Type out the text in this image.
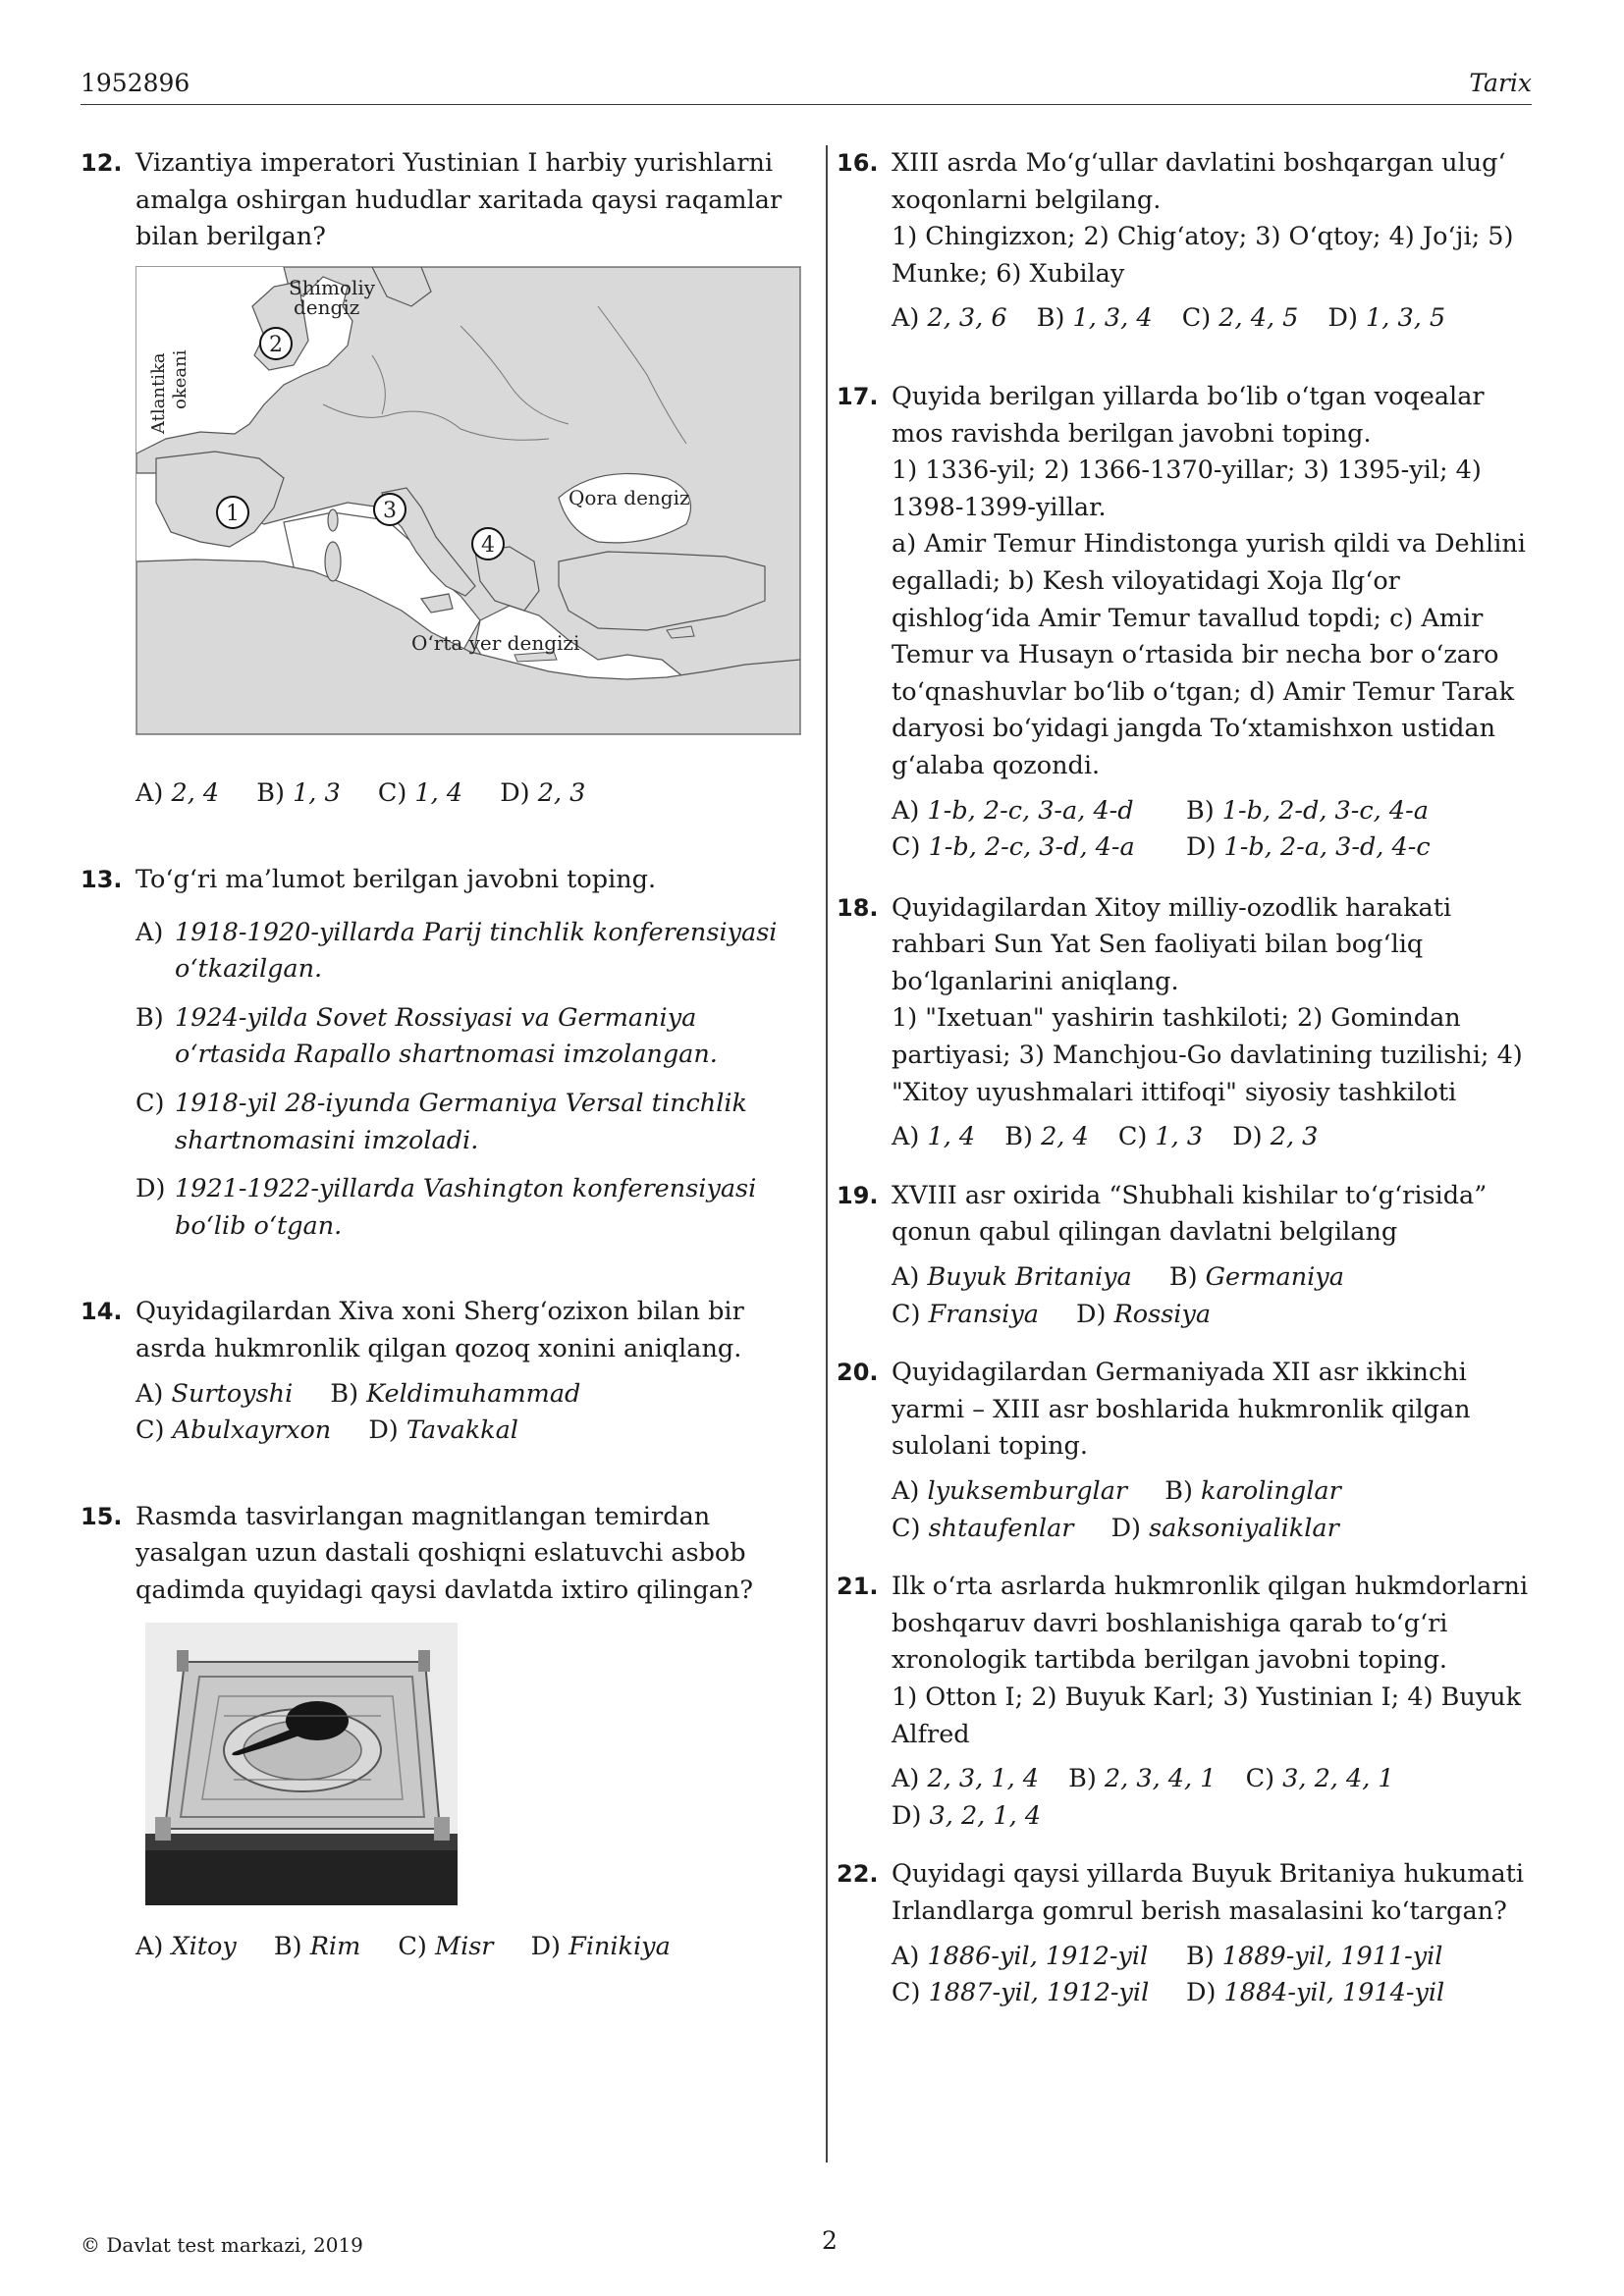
1952896	Tarix
12. Vizantiya imperatori Yustinian I harbiy yurishlarni amalga oshirgan hududlar xaritada qaysi raqamlar bilan berilgan?
Shimoliy
dengiz
Atlantika okeani
Qora dengiz
O‘rta yer dengizi
2
1	3
4
A) 2, 4 B) 1, 3 C) 1, 4 D) 2, 3
13. To‘g‘ri ma’lumot berilgan javobni toping.
A) 1918-1920-yillarda Parij tinchlik konferensiyasi o‘tkazilgan.
B) 1924-yilda Sovet Rossiyasi va Germaniya o‘rtasida Rapallo shartnomasi imzolangan.
C) 1918-yil 28-iyunda Germaniya Versal tinchlik shartnomasini imzoladi.
D) 1921-1922-yillarda Vashington konferensiyasi bo‘lib o‘tgan.
14. Quyidagilardan Xiva xoni Sherg‘ozixon bilan bir asrda hukmronlik qilgan qozoq xonini aniqlang.
A) Surtoyshi B) Keldimuhammad
C) Abulxayrxon D) Tavakkal
15. Rasmda tasvirlangan magnitlangan temirdan yasalgan uzun dastali qoshiqni eslatuvchi asbob qadimda quyidagi qaysi davlatda ixtiro qilingan?
A) Xitoy B) Rim C) Misr D) Finikiya
16. XIII asrda Mo‘g‘ullar davlatini boshqargan ulug‘ xoqonlarni belgilang.
1) Chingizxon; 2) Chig‘atoy; 3) O‘qtoy; 4) Jo‘ji; 5) Munke; 6) Xubilay
A) 2, 3, 6 B) 1, 3, 4 C) 2, 4, 5 D) 1, 3, 5
17. Quyida berilgan yillarda bo‘lib o‘tgan voqealar mos ravishda berilgan javobni toping.
1) 1336-yil; 2) 1366-1370-yillar; 3) 1395-yil; 4) 1398-1399-yillar.
a) Amir Temur Hindistonga yurish qildi va Dehlini egalladi; b) Kesh viloyatidagi Xoja Ilg‘or qishlog‘ida Amir Temur tavallud topdi; c) Amir Temur va Husayn o‘rtasida bir necha bor o‘zaro to‘qnashuvlar bo‘lib o‘tgan; d) Amir Temur Tarak daryosi bo‘yidagi jangda To‘xtamishxon ustidan g‘alaba qozondi.
A) 1-b, 2-c, 3-a, 4-d B) 1-b, 2-d, 3-c, 4-a
C) 1-b, 2-c, 3-d, 4-a D) 1-b, 2-a, 3-d, 4-c
18. Quyidagilardan Xitoy milliy-ozodlik harakati rahbari Sun Yat Sen faoliyati bilan bog‘liq bo‘lganlarini aniqlang.
1) "Ixetuan" yashirin tashkiloti; 2) Gomindan partiyasi; 3) Manchjou-Go davlatining tuzilishi; 4) "Xitoy uyushmalari ittifoqi" siyosiy tashkiloti
A) 1, 4 B) 2, 4 C) 1, 3 D) 2, 3
19. XVIII asr oxirida “Shubhali kishilar to‘g‘risida” qonun qabul qilingan davlatni belgilang
A) Buyuk Britaniya B) Germaniya
C) Fransiya D) Rossiya
20. Quyidagilardan Germaniyada XII asr ikkinchi yarmi – XIII asr boshlarida hukmronlik qilgan sulolani toping.
A) lyuksemburglar B) karolinglar
C) shtaufenlar D) saksoniyaliklar
21. Ilk o‘rta asrlarda hukmronlik qilgan hukmdorlarni boshqaruv davri boshlanishiga qarab to‘g‘ri xronologik tartibda berilgan javobni toping.
1) Otton I; 2) Buyuk Karl; 3) Yustinian I; 4) Buyuk Alfred
A) 2, 3, 1, 4 B) 2, 3, 4, 1 C) 3, 2, 4, 1
D) 3, 2, 1, 4
22. Quyidagi qaysi yillarda Buyuk Britaniya hukumati Irlandlarga gomrul berish masalasini ko‘targan?
A) 1886-yil, 1912-yil B) 1889-yil, 1911-yil
C) 1887-yil, 1912-yil D) 1884-yil, 1914-yil
© Davlat test markazi, 2019	2
